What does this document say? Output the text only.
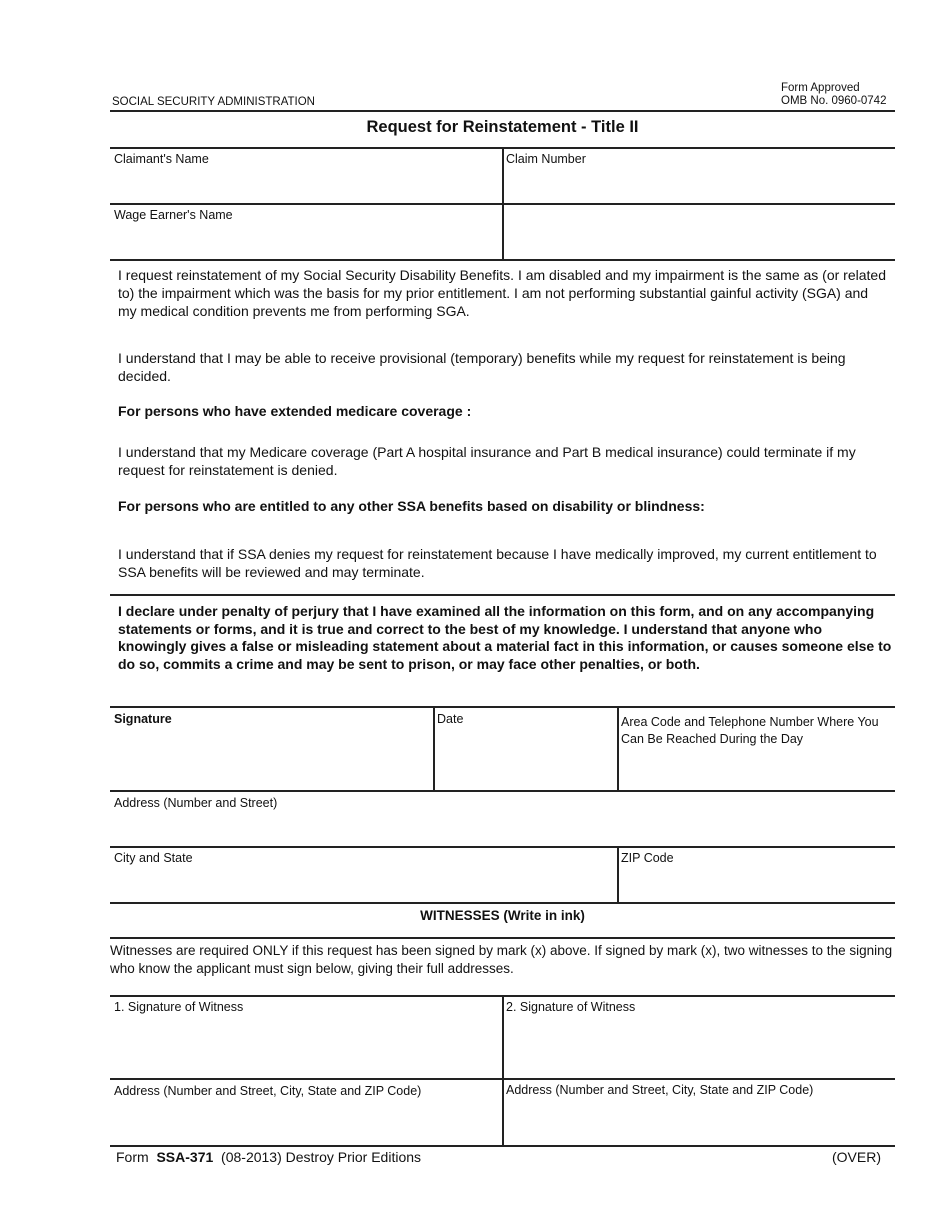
SOCIAL SECURITY ADMINISTRATION
Form Approved
OMB No. 0960-0742
Request for Reinstatement - Title II
Claimant's Name	Claim Number
Wage Earner's Name
I request reinstatement of my Social Security Disability Benefits. I am disabled and my impairment is the same as (or related to) the impairment which was the basis for my prior entitlement. I am not performing substantial gainful activity (SGA) and my medical condition prevents me from performing SGA.
I understand that I may be able to receive provisional (temporary) benefits while my request for reinstatement is being decided.
For persons who have extended medicare coverage :
I understand that my Medicare coverage (Part A hospital insurance and Part B medical insurance) could terminate if my request for reinstatement is denied.
For persons who are entitled to any other SSA benefits based on disability or blindness:
I understand that if SSA denies my request for reinstatement because I have medically improved, my current entitlement to SSA benefits will be reviewed and may terminate.
I declare under penalty of perjury that I have examined all the information on this form, and on any accompanying statements or forms, and it is true and correct to the best of my knowledge. I understand that anyone who knowingly gives a false or misleading statement about a material fact in this information, or causes someone else to do so, commits a crime and may be sent to prison, or may face other penalties, or both.
Signature	Date	Area Code and Telephone Number Where You Can Be Reached During the Day
Address (Number and Street)
City and State	ZIP Code
WITNESSES (Write in ink)
Witnesses are required ONLY if this request has been signed by mark (x) above. If signed by mark (x), two witnesses to the signing who know the applicant must sign below, giving their full addresses.
1. Signature of Witness	2. Signature of Witness
Address (Number and Street, City, State and ZIP Code)	Address (Number and Street, City, State and ZIP Code)
Form SSA-371 (08-2013) Destroy Prior Editions	(OVER)
